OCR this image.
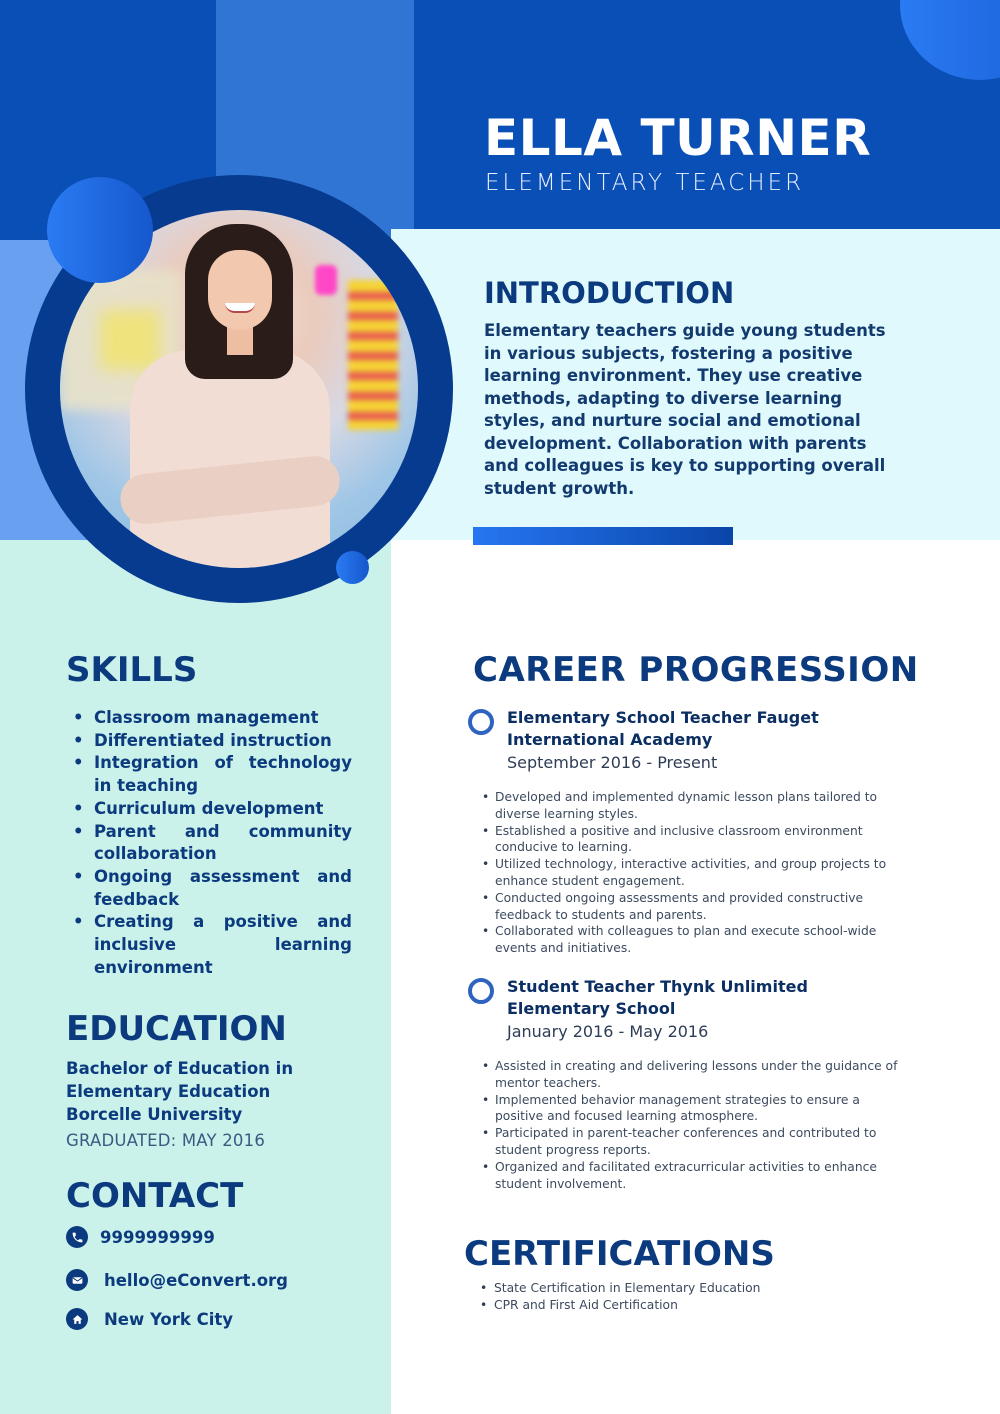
ELLA TURNER
ELEMENTARY TEACHER
INTRODUCTION
Elementary teachers guide young students in various subjects, fostering a positive learning environment. They use creative methods, adapting to diverse learning styles, and nurture social and emotional development. Collaboration with parents and colleagues is key to supporting overall student growth.
SKILLS
• Classroom management
• Differentiated instruction
• Integration of technology in teaching
• Curriculum development
• Parent and community collaboration
• Ongoing assessment and feedback
• Creating a positive and inclusive learning environment
EDUCATION
Bachelor of Education in
Elementary Education
Borcelle University
GRADUATED: MAY 2016
CONTACT
9999999999
hello@eConvert.org
New York City
CAREER PROGRESSION
Elementary School Teacher Fauget International Academy
September 2016 - Present
• Developed and implemented dynamic lesson plans tailored to diverse learning styles.
• Established a positive and inclusive classroom environment conducive to learning.
• Utilized technology, interactive activities, and group projects to enhance student engagement.
• Conducted ongoing assessments and provided constructive feedback to students and parents.
• Collaborated with colleagues to plan and execute school-wide events and initiatives.
Student Teacher Thynk Unlimited Elementary School
January 2016 - May 2016
• Assisted in creating and delivering lessons under the guidance of mentor teachers.
• Implemented behavior management strategies to ensure a positive and focused learning atmosphere.
• Participated in parent-teacher conferences and contributed to student progress reports.
• Organized and facilitated extracurricular activities to enhance student involvement.
CERTIFICATIONS
• State Certification in Elementary Education
• CPR and First Aid Certification
